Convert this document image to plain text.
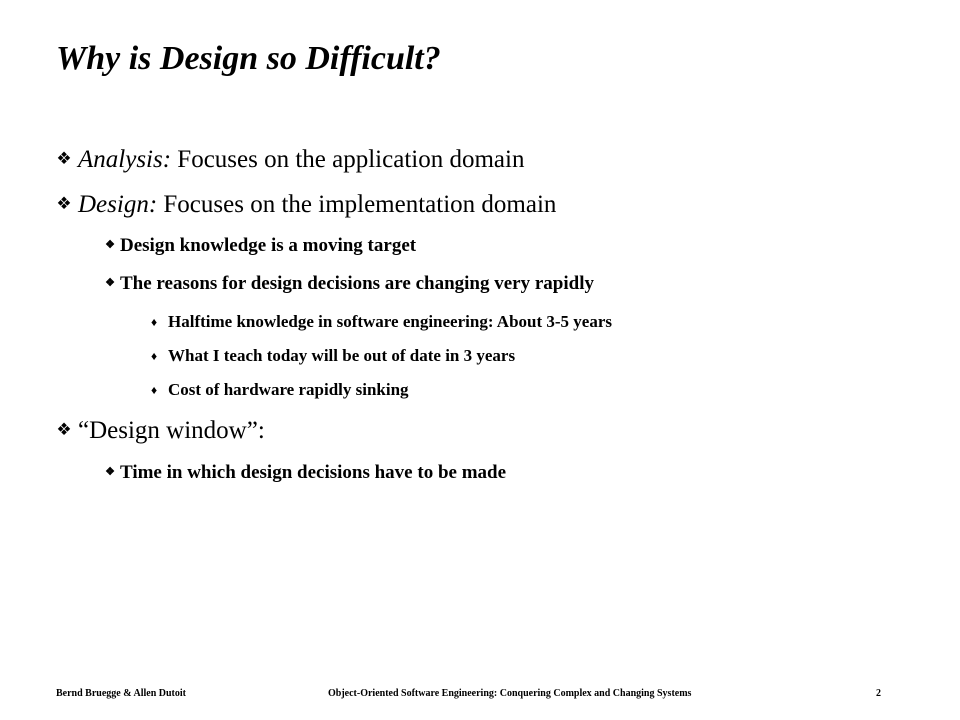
Why is Design so Difficult?
❖ Analysis: Focuses on the application domain
❖ Design: Focuses on the implementation domain
❖ Design knowledge is a moving target
❖ The reasons for design decisions are changing very rapidly
♦ Halftime knowledge in software engineering: About 3-5 years
♦ What I teach today will be out of date in 3 years
♦ Cost of hardware rapidly sinking
❖ “Design window”:
❖ Time in which design decisions have to be made
Bernd Bruegge & Allen Dutoit	Object-Oriented Software Engineering: Conquering Complex and Changing Systems	2
